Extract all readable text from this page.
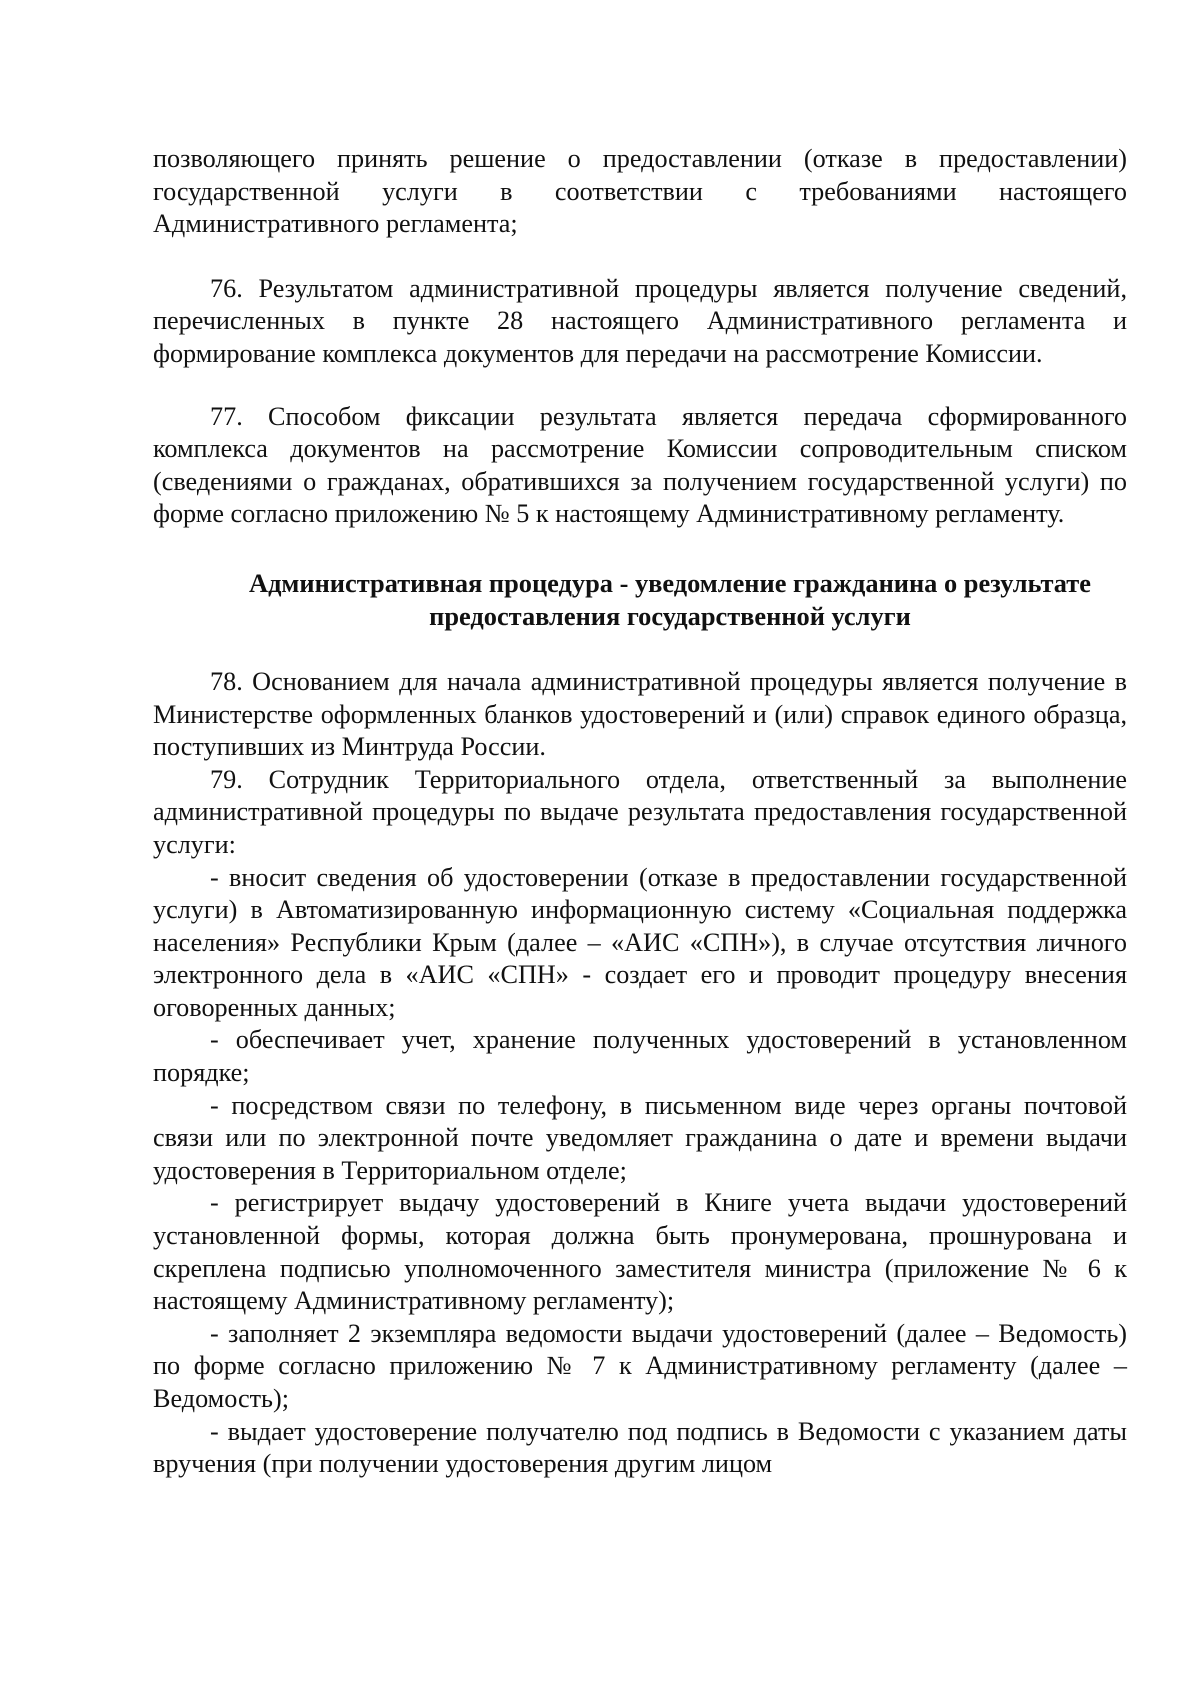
позволяющего принять решение о предоставлении (отказе в предоставлении) государственной услуги в соответствии с требованиями настоящего Административного регламента;

76. Результатом административной процедуры является получение сведений, перечисленных в пункте 28 настоящего Административного регламента и формирование комплекса документов для передачи на рассмотрение Комиссии.

77. Способом фиксации результата является передача сформированного комплекса документов на рассмотрение Комиссии сопроводительным списком (сведениями о гражданах, обратившихся за получением государственной услуги) по форме согласно приложению № 5 к настоящему Административному регламенту.

Административная процедура - уведомление гражданина о результате
предоставления государственной услуги

78. Основанием для начала административной процедуры является получение в Министерстве оформленных бланков удостоверений и (или) справок единого образца, поступивших из Минтруда России.

79. Сотрудник Территориального отдела, ответственный за выполнение административной процедуры по выдаче результата предоставления государственной услуги:

- вносит сведения об удостоверении (отказе в предоставлении государственной услуги) в Автоматизированную информационную систему «Социальная поддержка населения» Республики Крым (далее – «АИС «СПН»), в случае отсутствия личного электронного дела в «АИС «СПН» - создает его и проводит процедуру внесения оговоренных данных;

- обеспечивает учет, хранение полученных удостоверений в установленном порядке;

- посредством связи по телефону, в письменном виде через органы почтовой связи или по электронной почте уведомляет гражданина о дате и времени выдачи удостоверения в Территориальном отделе;

- регистрирует выдачу удостоверений в Книге учета выдачи удостоверений установленной формы, которая должна быть пронумерована, прошнурована и скреплена подписью уполномоченного заместителя министра (приложение № 6 к настоящему Административному регламенту);

- заполняет 2 экземпляра ведомости выдачи удостоверений (далее – Ведомость) по форме согласно приложению № 7 к Административному регламенту (далее – Ведомость);

- выдает удостоверение получателю под подпись в Ведомости с указанием даты вручения (при получении удостоверения другим лицом
